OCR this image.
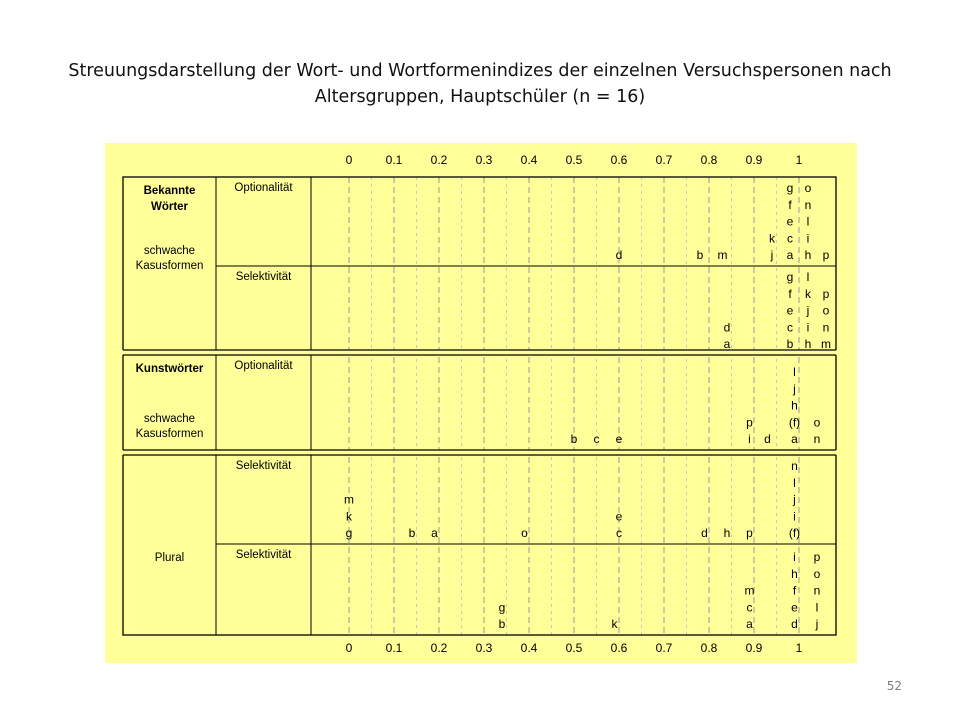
Streuungsdarstellung der Wort- und Wortformenindizes der einzelnen Versuchspersonen nach Altersgruppen, Hauptschüler (n = 16)
0
0
0.1
0.1
0.2
0.2
0.3
0.3
0.4
0.4
0.5
0.5
0.6
0.6
0.7
0.7
0.8
0.8
0.9
0.9
1
1
Bekannte
Wörter
schwache
Kasusformen
Kunstwörter
schwache
Kasusformen
Plural
Optionalität
d	b m	j
k
a
c
e
f
g
h
i
l
n
o
p
Selektivität
a
d
b
c
e
f
g
h
i
j
k
l
m
n
o
p
Optionalität
b c e	i
p
d a
(f)
h
j
l
n
o
Selektivität
g
k
m
b a	o	c
e
d h p	(f)
i
j
l
n
Selektivität
b
g
k	a
c
m
d
e
f
h
i
j
l
n
o
p
52
